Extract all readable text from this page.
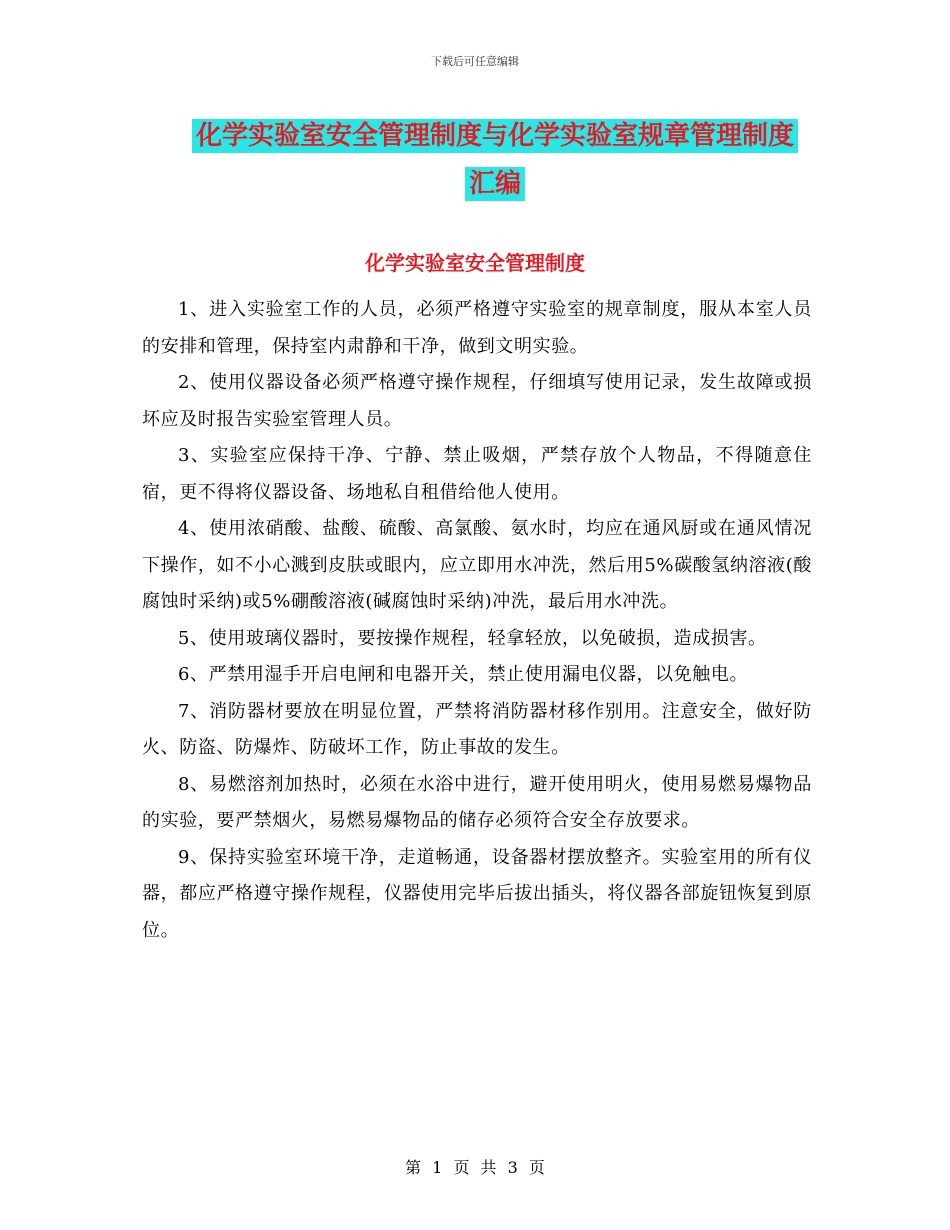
下载后可任意编辑
化学实验室安全管理制度与化学实验室规章管理制度
汇编
化学实验室安全管理制度

1、进入实验室工作的人员，必须严格遵守实验室的规章制度，服从本室人员的安排和管理，保持室内肃静和干净，做到文明实验。

2、使用仪器设备必须严格遵守操作规程，仔细填写使用记录，发生故障或损坏应及时报告实验室管理人员。

3、实验室应保持干净、宁静、禁止吸烟，严禁存放个人物品，不得随意住宿，更不得将仪器设备、场地私自租借给他人使用。

4、使用浓硝酸、盐酸、硫酸、高氯酸、氨水时，均应在通风厨或在通风情况下操作，如不小心溅到皮肤或眼内，应立即用水冲洗，然后用5%碳酸氢纳溶液(酸腐蚀时采纳)或5%硼酸溶液(碱腐蚀时采纳)冲洗，最后用水冲洗。

5、使用玻璃仪器时，要按操作规程，轻拿轻放，以免破损，造成损害。

6、严禁用湿手开启电闸和电器开关，禁止使用漏电仪器，以免触电。

7、消防器材要放在明显位置，严禁将消防器材移作别用。注意安全，做好防火、防盗、防爆炸、防破坏工作，防止事故的发生。

8、易燃溶剂加热时，必须在水浴中进行，避开使用明火，使用易燃易爆物品的实验，要严禁烟火，易燃易爆物品的储存必须符合安全存放要求。

9、保持实验室环境干净，走道畅通，设备器材摆放整齐。实验室用的所有仪器，都应严格遵守操作规程，仪器使用完毕后拔出插头，将仪器各部旋钮恢复到原位。

第 1 页 共 3 页
